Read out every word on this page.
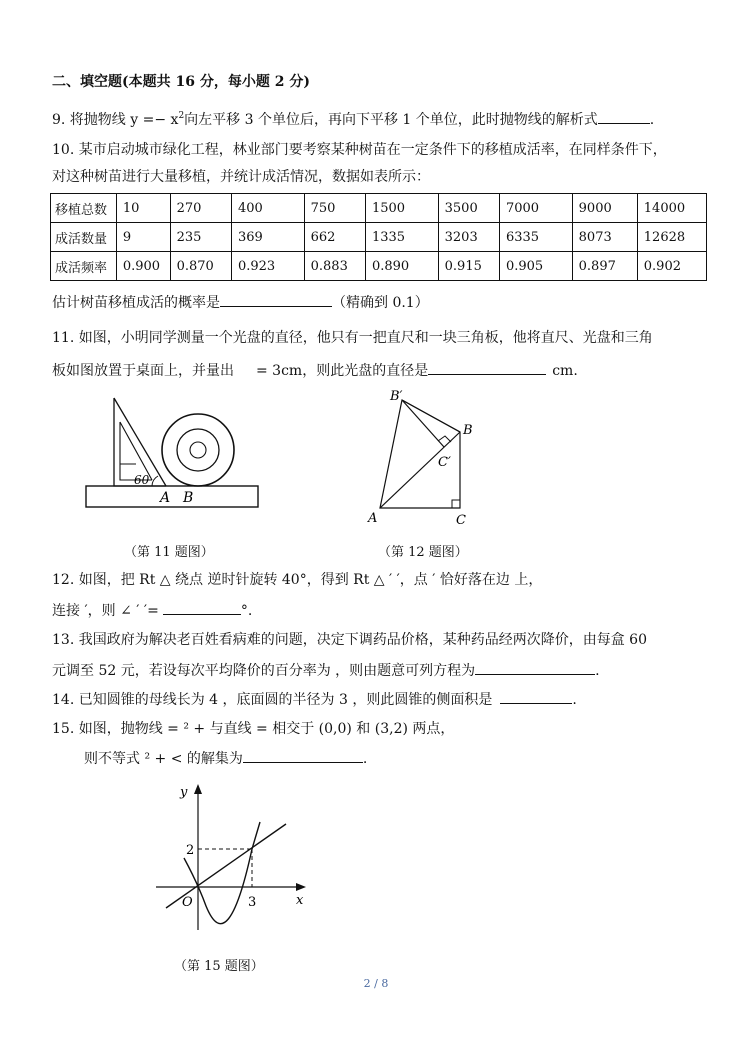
二、填空题(本题共 16 分，每小题 2 分)
9. 将抛物线 $y =- x^2$向左平移 3 个单位后，再向下平移 1 个单位，此时抛物线的解析式	.
10. 某市启动城市绿化工程，林业部门要考察某种树苗在一定条件下的移植成活率，在同样条件下，
对这种树苗进行大量移植，并统计成活情况，数据如表所示：
移植总数	10	270	400	750	1500	3500	7000	9000	14000
成活数量	9	235	369	662	1335	3203	6335	8073	12628
成活频率	0.900	0.870	0.923	0.883	0.890	0.915	0.905	0.897	0.902
估计树苗移植成活的概率是	（精确到 0.1）
11. 如图，小明同学测量一个光盘的直径，他只有一把直尺和一块三角板，他将直尺、光盘和三角
板如图放置于桌面上，并量出 = 3cm，则此光盘的直径是	cm.
60
A B
（第 11 题图）
B′
B
C′
A	C
（第 12 题图）
12. 如图，把 Rt △ 绕点 逆时针旋转 40°，得到 Rt △ ′ ′，点 ′ 恰好落在边 上，
连接 ′，则 ∠ ′ ′=	°.
13. 我国政府为解决老百姓看病难的问题，决定下调药品价格，某种药品经两次降价，由每盒 60
元调至 52 元，若设每次平均降价的百分率为 ，则由题意可列方程为	.
14. 已知圆锥的母线长为 4 ，底面圆的半径为 3 ，则此圆锥的侧面积是	.
15. 如图，抛物线 = ² + 与直线 = 相交于 (0,0) 和 (3,2) 两点，
则不等式 ² + < 的解集为	.
y
x
O	3
2
（第 15 题图）
2 / 8
